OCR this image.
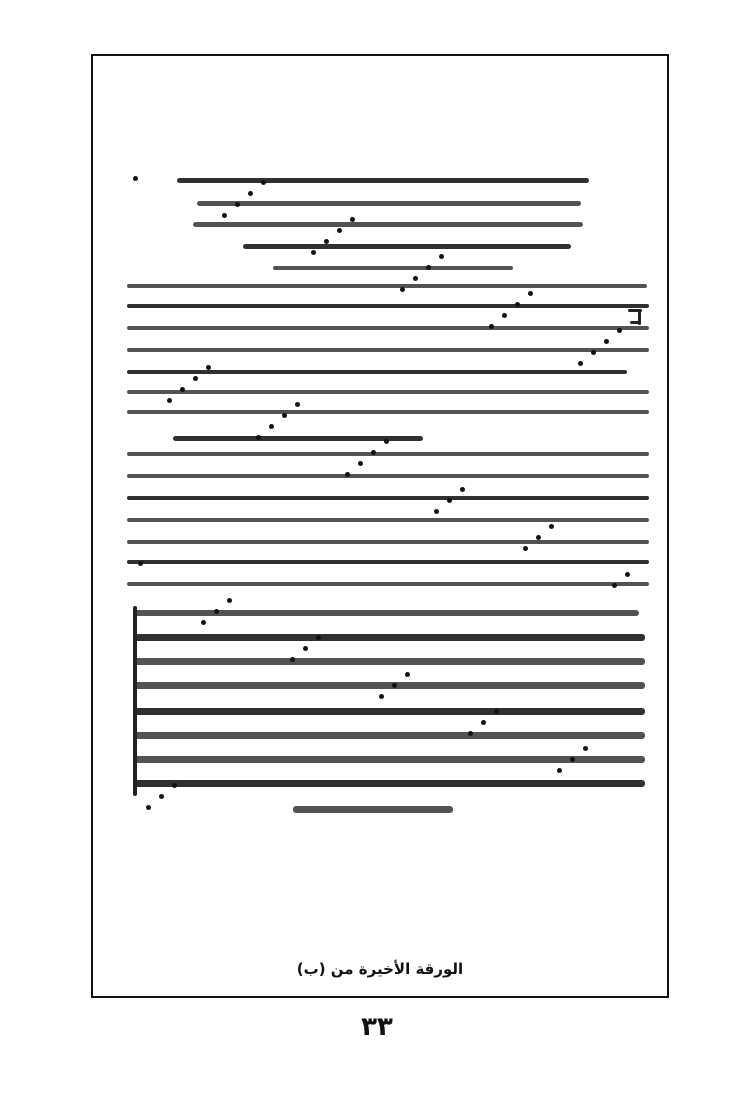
الورقة الأخيرة من (ب)
٣٣
